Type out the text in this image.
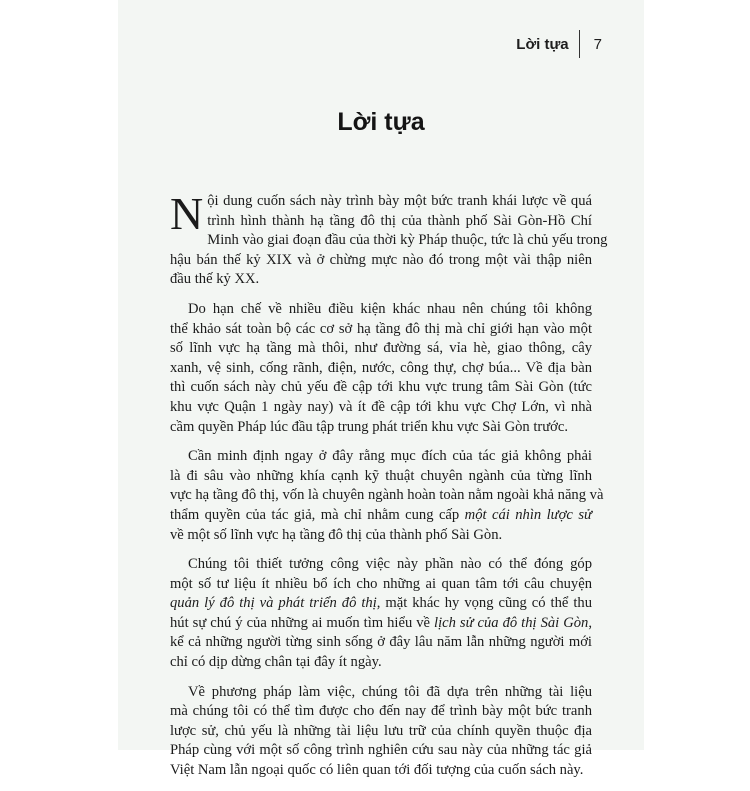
Lời tựa	7
Lời tựa
N ội dung cuốn sách này trình bày một bức tranh khái lược về quá
trình hình thành hạ tầng đô thị của thành phố Sài Gòn-Hồ Chí
Minh vào giai đoạn đầu của thời kỳ Pháp thuộc, tức là chủ yếu trong
hậu bán thế kỷ XIX và ở chừng mực nào đó trong một vài thập niên
đầu thế kỷ XX.
Do hạn chế về nhiều điều kiện khác nhau nên chúng tôi không
thể khảo sát toàn bộ các cơ sở hạ tầng đô thị mà chỉ giới hạn vào một
số lĩnh vực hạ tầng mà thôi, như đường sá, vỉa hè, giao thông, cây
xanh, vệ sinh, cống rãnh, điện, nước, công thự, chợ búa... Về địa bàn
thì cuốn sách này chủ yếu đề cập tới khu vực trung tâm Sài Gòn (tức
khu vực Quận 1 ngày nay) và ít đề cập tới khu vực Chợ Lớn, vì nhà
cầm quyền Pháp lúc đầu tập trung phát triển khu vực Sài Gòn trước.
Cần minh định ngay ở đây rằng mục đích của tác giả không phải
là đi sâu vào những khía cạnh kỹ thuật chuyên ngành của từng lĩnh
vực hạ tầng đô thị, vốn là chuyên ngành hoàn toàn nằm ngoài khả năng và
thẩm quyền của tác giả, mà chỉ nhằm cung cấp một cái nhìn lược sử
về một số lĩnh vực hạ tầng đô thị của thành phố Sài Gòn.
Chúng tôi thiết tưởng công việc này phần nào có thể đóng góp
một số tư liệu ít nhiều bổ ích cho những ai quan tâm tới câu chuyện
quản lý đô thị và phát triển đô thị, mặt khác hy vọng cũng có thể thu
hút sự chú ý của những ai muốn tìm hiểu về lịch sử của đô thị Sài Gòn,
kể cả những người từng sinh sống ở đây lâu năm lẫn những người mới
chỉ có dịp dừng chân tại đây ít ngày.
Về phương pháp làm việc, chúng tôi đã dựa trên những tài liệu
mà chúng tôi có thể tìm được cho đến nay để trình bày một bức tranh
lược sử, chủ yếu là những tài liệu lưu trữ của chính quyền thuộc địa
Pháp cùng với một số công trình nghiên cứu sau này của những tác giả
Việt Nam lẫn ngoại quốc có liên quan tới đối tượng của cuốn sách này.
